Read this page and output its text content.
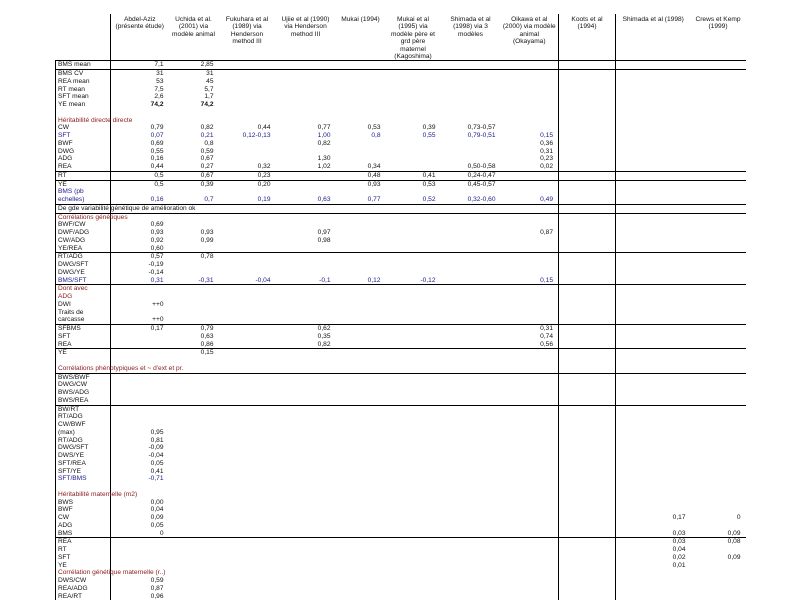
	Abdel-Aziz (présente étude)	Uchida et al. (2001) via modèle animal	Fukuhara et al (1989) via Henderson method III	Ujiie et al (1990) via Henderson method III	Mukai (1994)	Mukai et al (1995) via modèle père et grd père maternel (Kagoshima)	Shimada et al (1998) via 3 modèles	Oikawa et al (2000) via modèle animal (Okayama)	Koots et al (1994)	Shimada et al (1998)	Crews et Kemp (1999)
BMS mean	7,1	2,85									
BMS CV	31	31									
REA mean	53	45									
RT mean	7,5	5,7									
SFT mean	2,6	1,7									
YE mean	74,2	74,2									

Héritabilité directe directe											
CW	0,79	0,82	0,44	0,77	0,53	0,39	0,73-0,57				
SFT	0,07	0,21	0,12-0,13	1,00	0,8	0,55	0,79-0,51	0,15			
BWF	0,69	0,8		0,82				0,36			
DWG	0,55	0,59						0,31			
ADG	0,16	0,67		1,30				0,23			
REA	0,44	0,27	0,32	1,02	0,34		0,50-0,58	0,02			
RT	0,5	0,67	0,23		0,48	0,41	0,24-0,47				
YE	0,5	0,39	0,20		0,93	0,53	0,45-0,57				
BMS (pb											
echelles)	0,16	0,7	0,19	0,63	0,77	0,52	0,32-0,60	0,49			
De gde variabilité génétique de amélioration ok											
Corrélations génétiques											
BWF/CW	0,69										
DWF/ADG	0,93	0,93		0,97				0,87			
CW/ADG	0,92	0,99		0,98							
YE/REA	0,60										
RT/ADG	0,57	0,78									
DWG/SFT	-0,19										
DWG/YE	-0,14										
BMS/SFT	0,31	-0,31	-0,04	-0,1	0,12	-0,12		0,15			
Dont avec											
ADG											
DWI	++0										
Traits de											
carcasse	++0										
SFBMS	0,17	0,79		0,62				0,31			
SFT		0,63		0,35				0,74			
REA		0,86		0,82				0,56			
YE		0,15									

Corrélations phénotypiques et ~ d'ext et pr.											
BWS/BWF											
DWG/CW											
BWS/ADG											
BWS/REA											
BW/RT											
RT/ADG											
CW/BWF											
(max)	0,95										
RT/ADG	0,81										
DWG/SFT	-0,09										
DWS/YE	-0,04										
SFT/REA	0,05										
SFT/YE	0,41										
SFT/BMS	-0,71										

Héritabilité maternelle (m2)											
BWS	0,00										
BWF	0,04										
CW	0,09									0,17	0
ADG	0,05										
BMS	0									0,03	0,09
REA										0,03	0,08
RT										0,04	
SFT										0,02	0,09
YE										0,01	
Corrélation génétique maternelle (r..)											
DWS/CW	0,59										
REA/ADG	0,87										
REA/RT	0,96										
